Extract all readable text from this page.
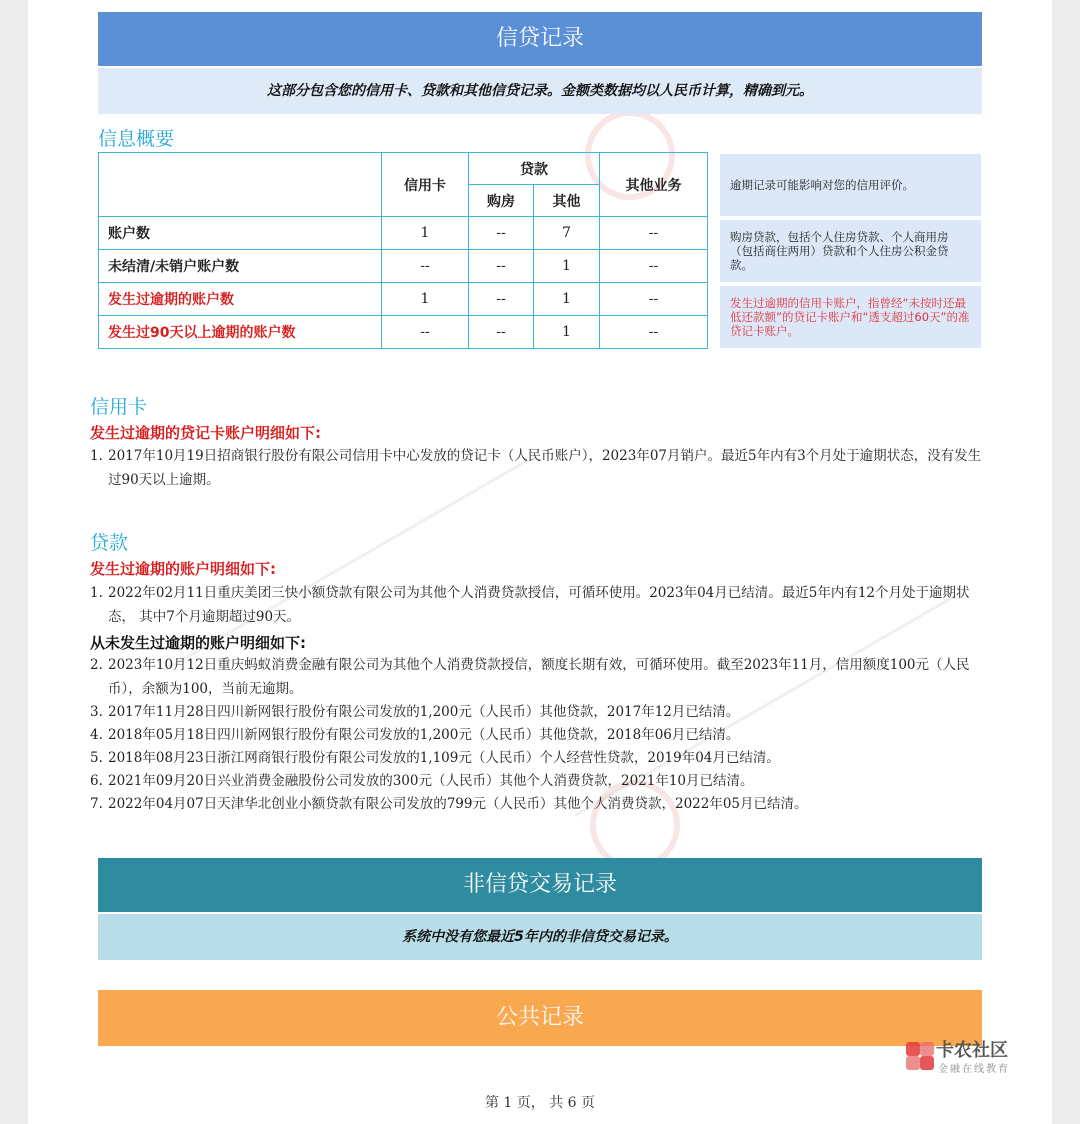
信贷记录
这部分包含您的信用卡、贷款和其他信贷记录。金额类数据均以人民币计算，精确到元。
信息概要
	信用卡	贷款		其他业务
		购房	其他	
账户数	1	--	7	--
未结清/未销户账户数	--	--	1	--
发生过逾期的账户数	1	--	1	--
发生过90天以上逾期的账户数	--	--	1	--
逾期记录可能影响对您的信用评价。
购房贷款，包括个人住房贷款、个人商用房（包括商住两用）贷款和个人住房公积金贷款。
发生过逾期的信用卡账户，指曾经“未按时还最低还款额”的贷记卡账户和“透支超过60天”的准贷记卡账户。
信用卡
发生过逾期的贷记卡账户明细如下:
1. 2017年10月19日招商银行股份有限公司信用卡中心发放的贷记卡（人民币账户），2023年07月销户。最近5年内有3个月处于逾期状态，没有发生过90天以上逾期。
贷款
发生过逾期的账户明细如下:
1. 2022年02月11日重庆美团三快小额贷款有限公司为其他个人消费贷款授信，可循环使用。2023年04月已结清。最近5年内有12个月处于逾期状态， 其中7个月逾期超过90天。
从未发生过逾期的账户明细如下:
2. 2023年10月12日重庆蚂蚁消费金融有限公司为其他个人消费贷款授信，额度长期有效，可循环使用。截至2023年11月，信用额度100元（人民币），余额为100，当前无逾期。
3. 2017年11月28日四川新网银行股份有限公司发放的1,200元（人民币）其他贷款，2017年12月已结清。
4. 2018年05月18日四川新网银行股份有限公司发放的1,200元（人民币）其他贷款，2018年06月已结清。
5. 2018年08月23日浙江网商银行股份有限公司发放的1,109元（人民币）个人经营性贷款，2019年04月已结清。
6. 2021年09月20日兴业消费金融股份公司发放的300元（人民币）其他个人消费贷款，2021年10月已结清。
7. 2022年04月07日天津华北创业小额贷款有限公司发放的799元（人民币）其他个人消费贷款，2022年05月已结清。
非信贷交易记录
系统中没有您最近5年内的非信贷交易记录。
公共记录
卡农社区
金融在线教育
第 1 页， 共 6 页
